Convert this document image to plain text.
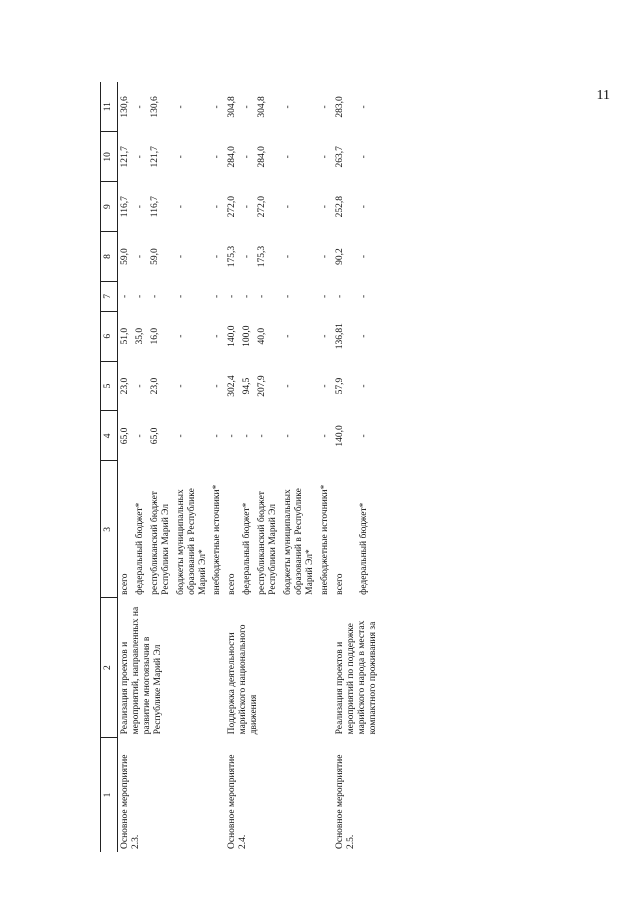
11
1	2	3	4	5	6	7	8	9	10	11
Основное мероприятие 2.3.	Реализация проектов и мероприятий, направленных на развитие многоязычия в Республике Марий Эл	всего	65,0	23,0	51,0	-	59,0	116,7	121,7	130,6
		федеральный бюджет*	-	-	35,0	-	-	-	-	-
		республиканский бюджет Республики Марий Эл	65,0	23,0	16,0	-	59,0	116,7	121,7	130,6
		бюджеты муниципальных образований в Республике Марий Эл*	-	-	-	-	-	-	-	-
		внебюджетные источники*	-	-	-	-	-	-	-	-
Основное мероприятие 2.4.	Поддержка деятельности марийского национального движения	всего	-	302,4	140,0	-	175,3	272,0	284,0	304,8
		федеральный бюджет*	-	94,5	100,0	-	-	-	-	-
		республиканский бюджет Республики Марий Эл	-	207,9	40,0	-	175,3	272,0	284,0	304,8
		бюджеты муниципальных образований в Республике Марий Эл*	-	-	-	-	-	-	-	-
		внебюджетные источники*	-	-	-	-	-	-	-	-
Основное мероприятие 2.5.	Реализация проектов и мероприятий по поддержке марийского народа в местах компактного проживания за	всего	140,0	57,9	136,81	-	90,2	252,8	263,7	283,0
		федеральный бюджет*	-	-	-	-	-	-	-	-
